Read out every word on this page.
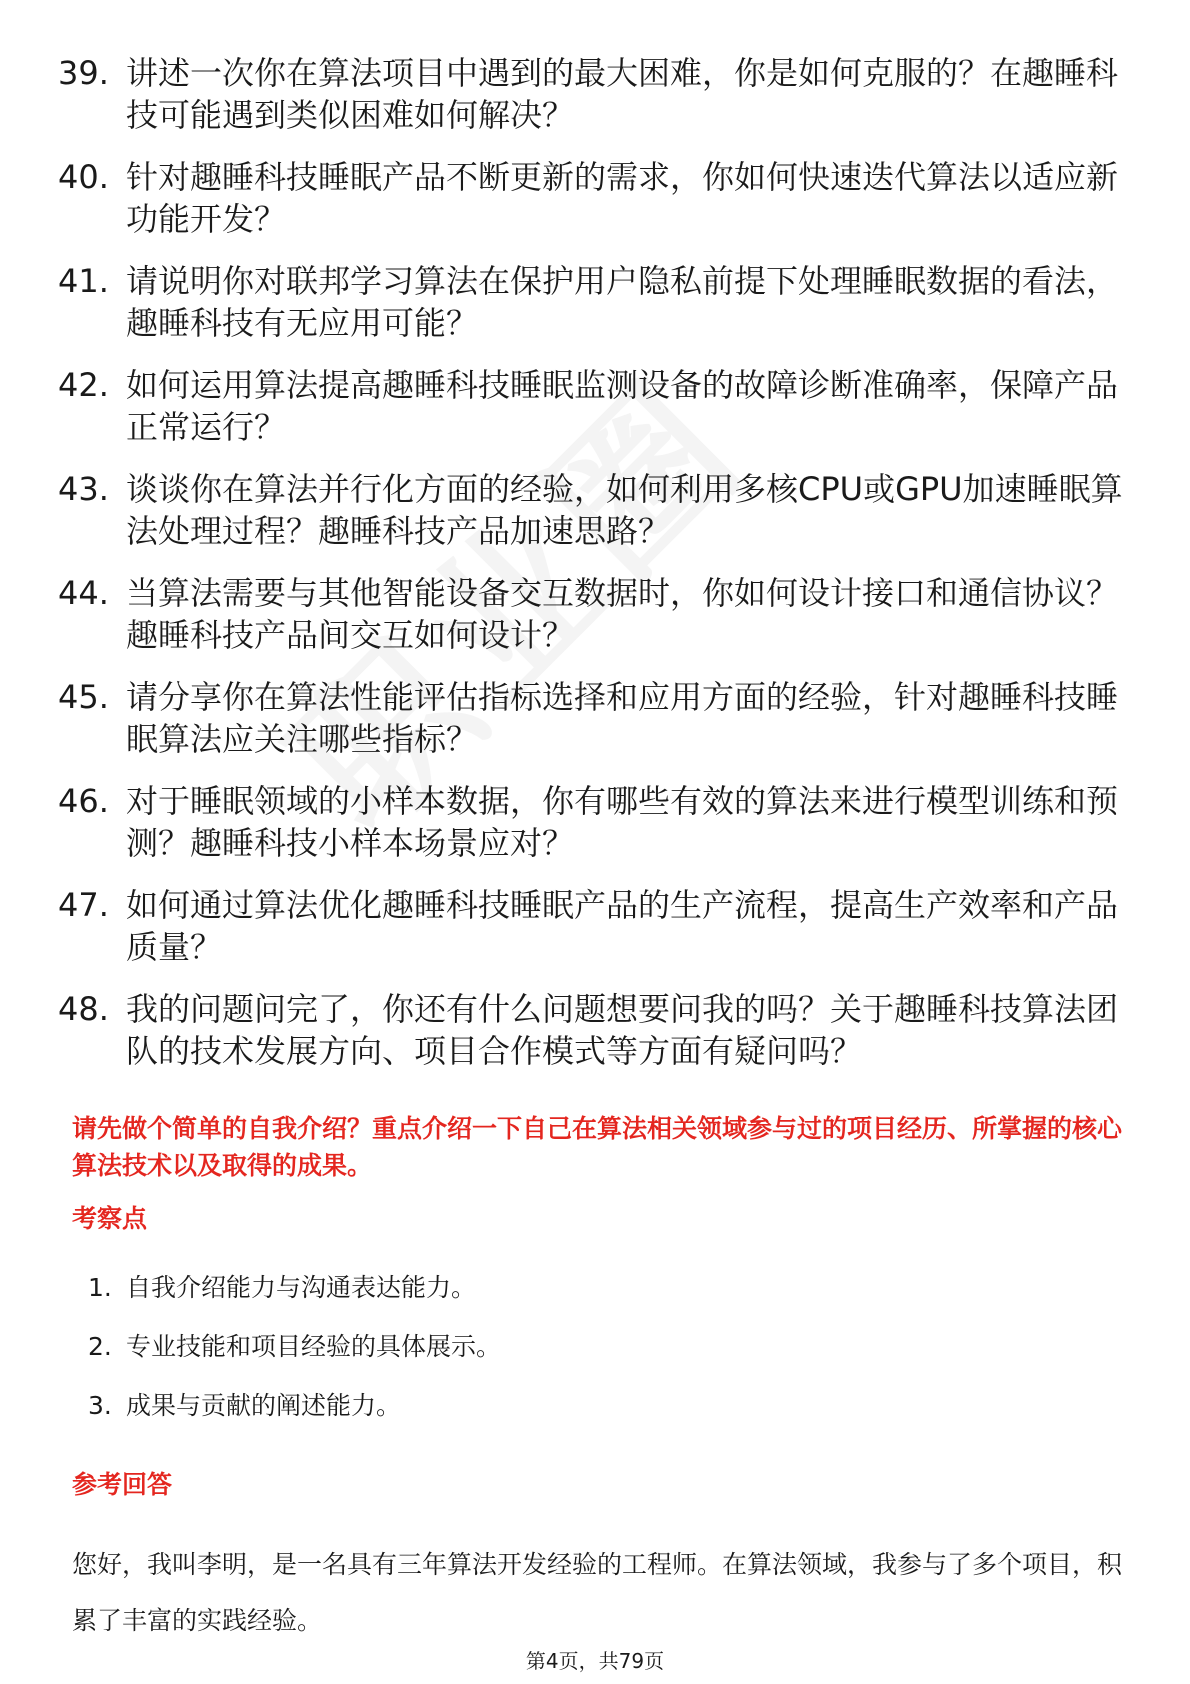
39. 讲述一次你在算法项目中遇到的最大困难，你是如何克服的？在趣睡科技可能遇到类似困难如何解决？
40. 针对趣睡科技睡眠产品不断更新的需求，你如何快速迭代算法以适应新功能开发？
41. 请说明你对联邦学习算法在保护用户隐私前提下处理睡眠数据的看法，趣睡科技有无应用可能？
42. 如何运用算法提高趣睡科技睡眠监测设备的故障诊断准确率，保障产品正常运行？
43. 谈谈你在算法并行化方面的经验，如何利用多核CPU或GPU加速睡眠算法处理过程？趣睡科技产品加速思路？
44. 当算法需要与其他智能设备交互数据时，你如何设计接口和通信协议？趣睡科技产品间交互如何设计？
45. 请分享你在算法性能评估指标选择和应用方面的经验，针对趣睡科技睡眠算法应关注哪些指标？
46. 对于睡眠领域的小样本数据，你有哪些有效的算法来进行模型训练和预测？趣睡科技小样本场景应对？
47. 如何通过算法优化趣睡科技睡眠产品的生产流程，提高生产效率和产品质量？
48. 我的问题问完了，你还有什么问题想要问我的吗？关于趣睡科技算法团队的技术发展方向、项目合作模式等方面有疑问吗？
请先做个简单的自我介绍？重点介绍一下自己在算法相关领域参与过的项目经历、所掌握的核心算法技术以及取得的成果。
考察点
1. 自我介绍能力与沟通表达能力。
2. 专业技能和项目经验的具体展示。
3. 成果与贡献的阐述能力。
参考回答
您好，我叫李明，是一名具有三年算法开发经验的工程师。在算法领域，我参与了多个项目，积累了丰富的实践经验。
第4页，共79页
